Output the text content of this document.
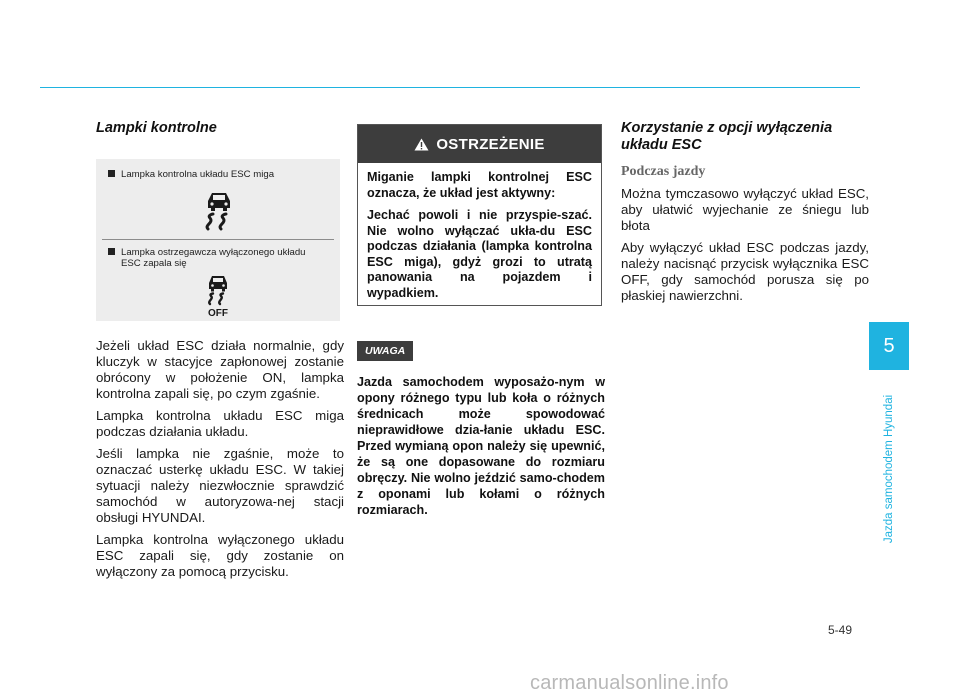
Lampki kontrolne
Lampka kontrolna układu ESC miga
Lampka ostrzegawcza wyłączonego układu ESC zapala się
OFF

Jeżeli układ ESC działa normalnie, gdy kluczyk w stacyjce zapłonowej zostanie obrócony w położenie ON, lampka kontrolna zapali się, po czym zgaśnie.

Lampka kontrolna układu ESC miga podczas działania układu.

Jeśli lampka nie zgaśnie, może to oznaczać usterkę układu ESC. W takiej sytuacji należy niezwłocznie sprawdzić samochód w autoryzowa-nej stacji obsługi HYUNDAI.

Lampka kontrolna wyłączonego układu ESC zapali się, gdy zostanie on wyłączony za pomocą przycisku.

OSTRZEŻENIE

Miganie lampki kontrolnej ESC oznacza, że układ jest aktywny:

Jechać powoli i nie przyspie-szać. Nie wolno wyłączać ukła-du ESC podczas działania (lampka kontrolna ESC miga), gdyż grozi to utratą panowania na pojazdem i wypadkiem.

UWAGA

Jazda samochodem wyposażo-nym w opony różnego typu lub koła o różnych średnicach może spowodować nieprawidłowe dzia-łanie układu ESC. Przed wymianą opon należy się upewnić, że są one dopasowane do rozmiaru obręczy. Nie wolno jeździć samo-chodem z oponami lub kołami o różnych rozmiarach.

Korzystanie z opcji wyłączenia układu ESC
Podczas jazdy

Można tymczasowo wyłączyć układ ESC, aby ułatwić wyjechanie ze śniegu lub błota

Aby wyłączyć układ ESC podczas jazdy, należy nacisnąć przycisk wyłącznika ESC OFF, gdy samochód porusza się po płaskiej nawierzchni.

5
Jazda samochodem Hyundai
5-49
carmanualsonline.info
